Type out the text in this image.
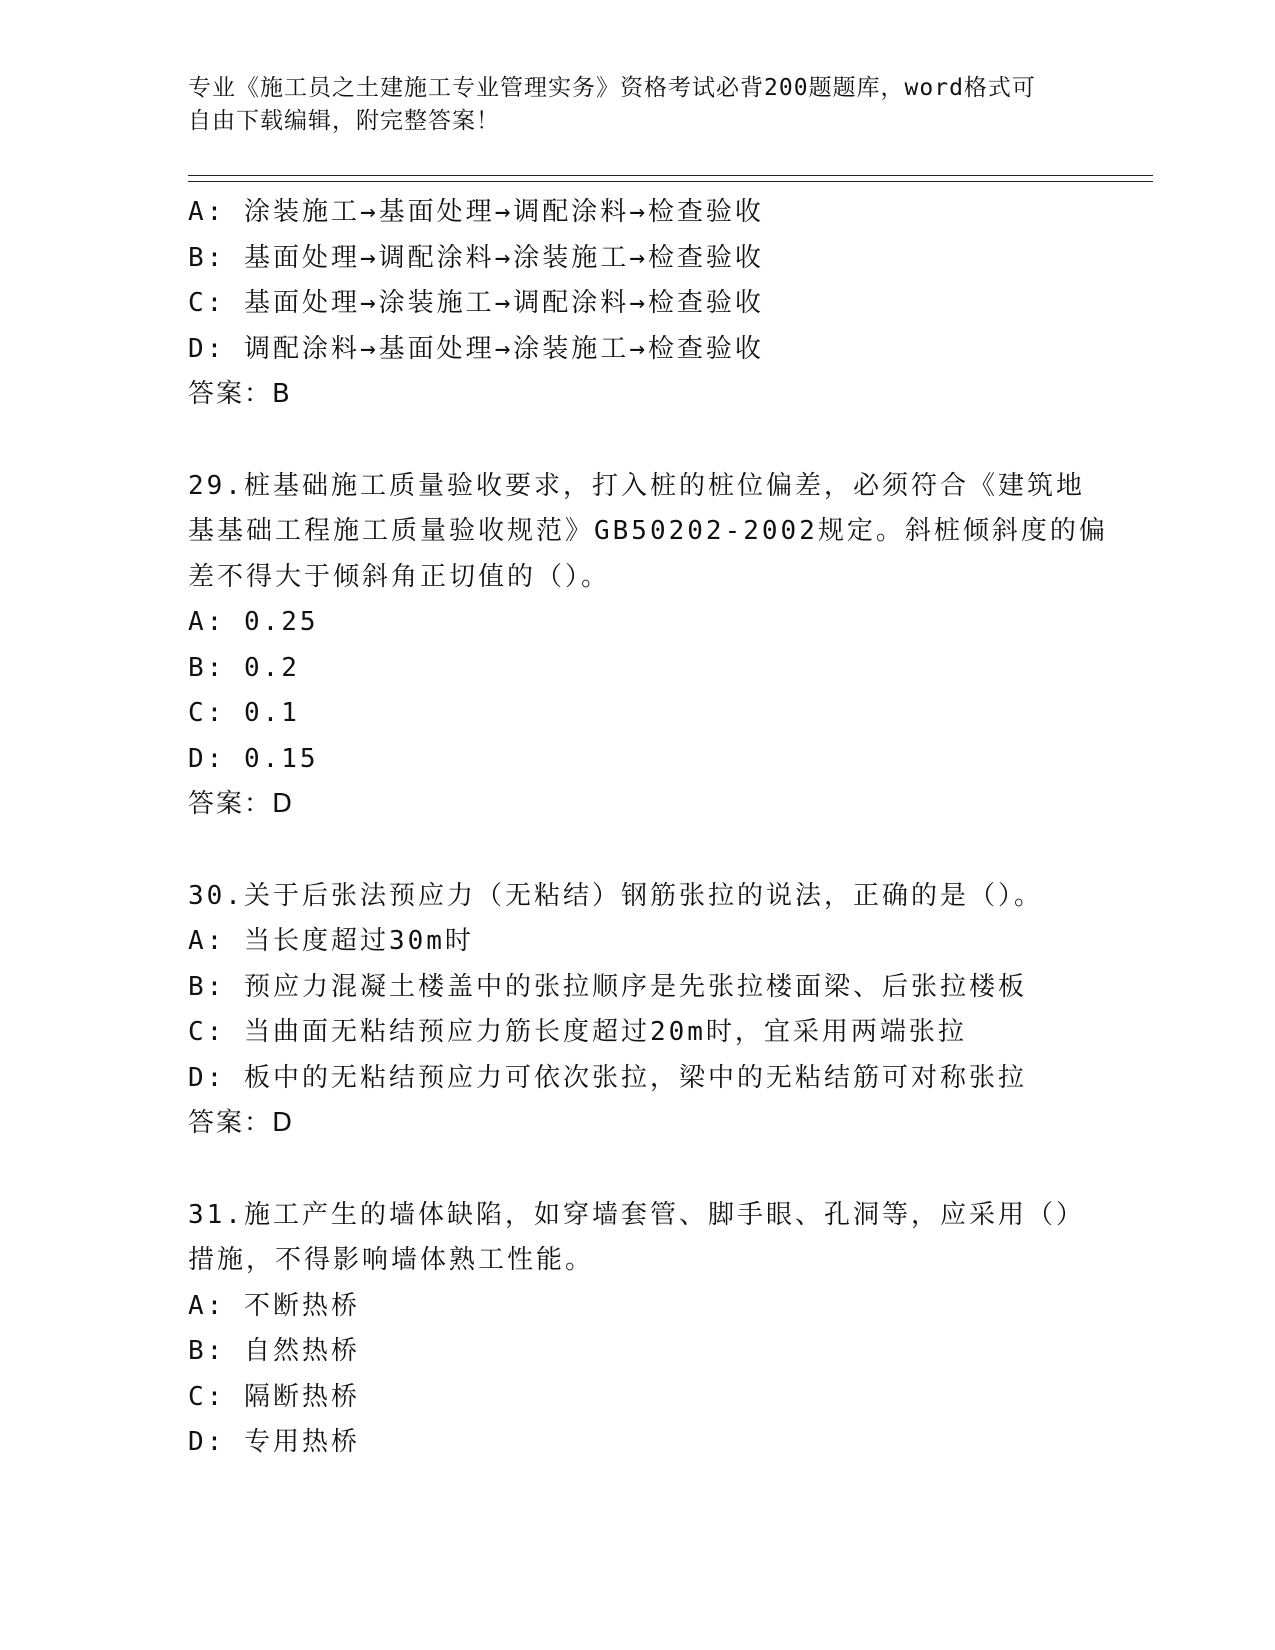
专业《施工员之土建施工专业管理实务》资格考试必背200题题库，word格式可
自由下载编辑，附完整答案！
A: 涂装施工→基面处理→调配涂料→检查验收
B: 基面处理→调配涂料→涂装施工→检查验收
C: 基面处理→涂装施工→调配涂料→检查验收
D: 调配涂料→基面处理→涂装施工→检查验收
答案：B
29.桩基础施工质量验收要求，打入桩的桩位偏差，必须符合《建筑地
基基础工程施工质量验收规范》GB50202-2002规定。斜桩倾斜度的偏
差不得大于倾斜角正切值的（）。
A: 0.25
B: 0.2
C: 0.1
D: 0.15
答案：D
30.关于后张法预应力（无粘结）钢筋张拉的说法，正确的是（）。
A: 当长度超过30m时
B: 预应力混凝土楼盖中的张拉顺序是先张拉楼面梁、后张拉楼板
C: 当曲面无粘结预应力筋长度超过20m时，宜采用两端张拉
D: 板中的无粘结预应力可依次张拉，梁中的无粘结筋可对称张拉
答案：D
31.施工产生的墙体缺陷，如穿墙套管、脚手眼、孔洞等，应采用（）
措施，不得影响墙体熟工性能。
A: 不断热桥
B: 自然热桥
C: 隔断热桥
D: 专用热桥
